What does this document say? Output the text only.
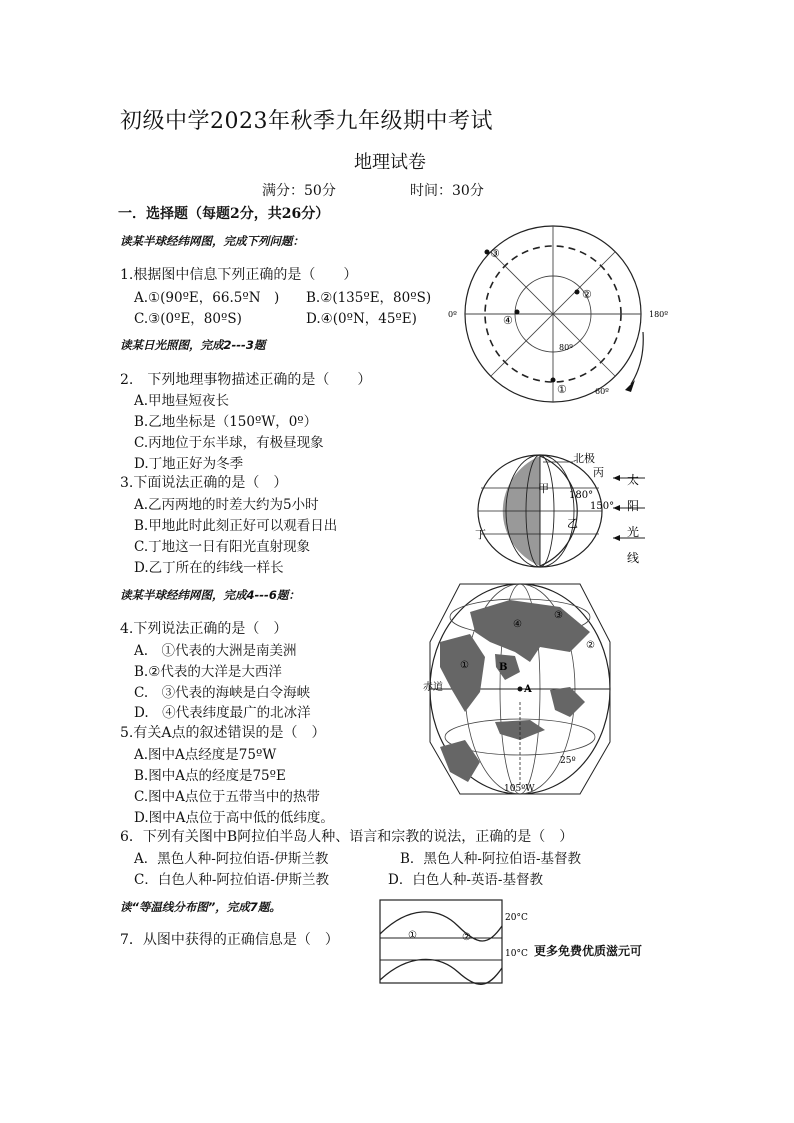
初级中学2023年秋季九年级期中考试
地理试卷
满分：50分	时间：30分
一．选择题（每题2分，共26分）
读某半球经纬网图，完成下列问题：
1.根据图中信息下列正确的是（　　）
A.①(90ºE，66.5ºN　) B.②(135ºE，80ºS)
C.③(0ºE，80ºS)	D.④(0ºN，45ºE)
③
②
④
①
0º	180º
80º
60º
读某日光照图，完成2---3题
2.　下列地理事物描述正确的是（　　）
A.甲地昼短夜长
B.乙地坐标是（150ºW，0º）
C.丙地位于东半球，有极昼现象
D.丁地正好为冬季
3.下面说法正确的是（　）
A.乙丙两地的时差大约为5小时
B.甲地此时此刻正好可以观看日出
C.丁地这一日有阳光直射现象
D.乙丁所在的纬线一样长
北极
丙
甲
180°
150°
乙
丁
太
阳
光
线
读某半球经纬网图，完成4---6题：
4.下列说法正确的是（　）
A.　①代表的大洲是南美洲
B.②代表的大洋是大西洋
C.　③代表的海峡是白令海峡
D.　④代表纬度最广的北冰洋
③
④
②
①	B
赤道	A
25º
105ºW
5.有关A点的叙述错误的是（　）
A.图中A点经度是75ºW
B.图中A点的经度是75ºE
C.图中A点位于五带当中的热带
D.图中A点位于高中低的低纬度。
6．下列有关图中B阿拉伯半岛人种、语言和宗教的说法，正确的是（　）
A．黑色人种-阿拉伯语-伊斯兰教	B．黑色人种-阿拉伯语-基督教
C．白色人种-阿拉伯语-伊斯兰教	D．白色人种-英语-基督教
读“等温线分布图”，完成7题。
7．从图中获得的正确信息是（　）	①	②
20°C
10°C 更多免费优质滋元可
